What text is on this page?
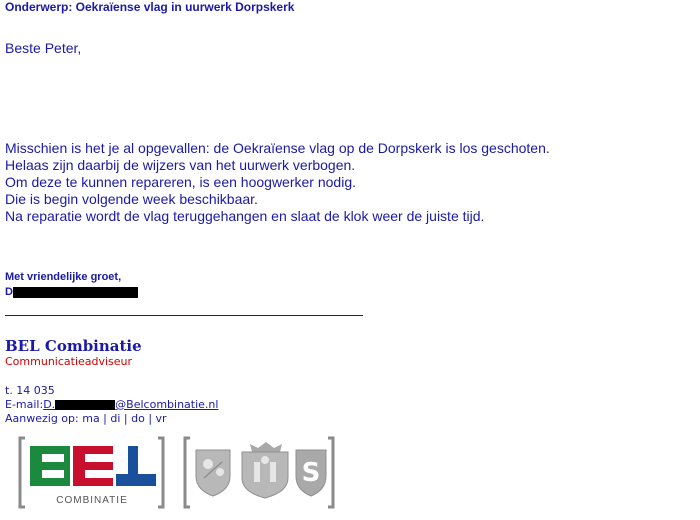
Onderwerp: Oekraïense vlag in uurwerk Dorpskerk
Beste Peter,
Misschien is het je al opgevallen: de Oekraïense vlag op de Dorpskerk is los geschoten.
Helaas zijn daarbij de wijzers van het uurwerk verbogen.
Om deze te kunnen repareren, is een hoogwerker nodig.
Die is begin volgende week beschikbaar.
Na reparatie wordt de vlag teruggehangen en slaat de klok weer de juiste tijd.
Met vriendelijke groet,
D
BEL Combinatie
Communicatieadviseur
t. 14 035
E-mail: D.	@Belcombinatie.nl
Aanwezig op: ma | di | do | vr
COMBINATIE
S
